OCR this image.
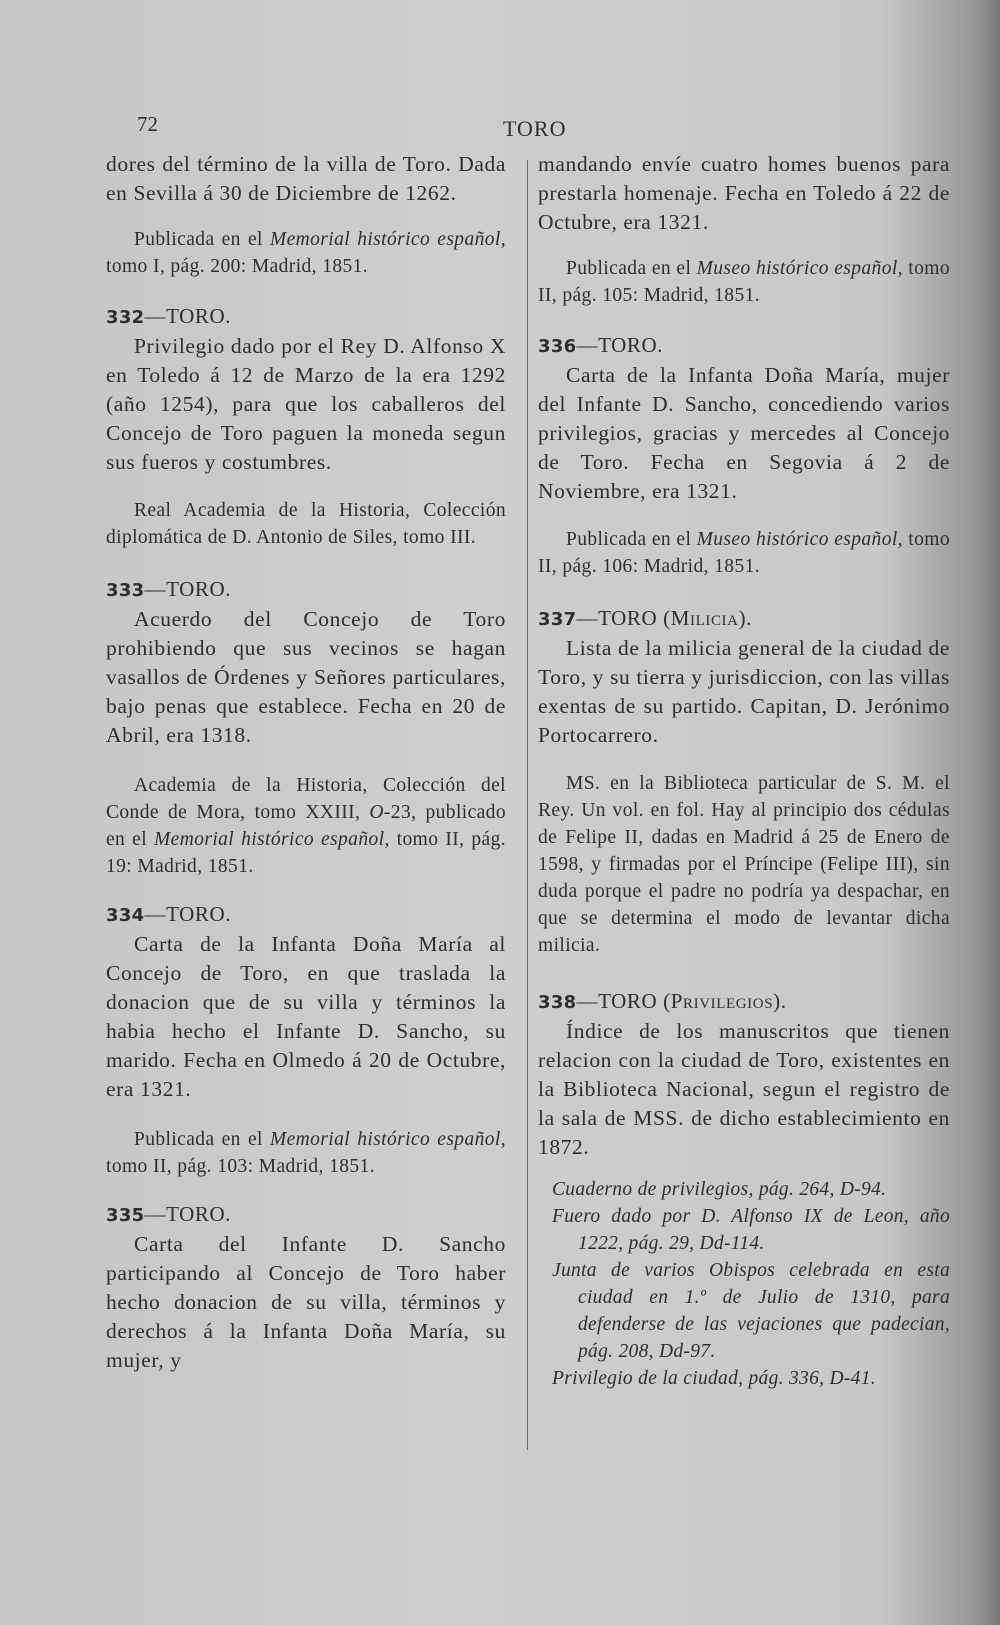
72	TORO

dores del término de la villa de Toro. Dada en Sevilla á 30 de Diciembre de 1262.

Publicada en el Memorial histórico español, tomo I, pág. 200: Madrid, 1851.

332—TORO.

Privilegio dado por el Rey D. Alfonso X en Toledo á 12 de Marzo de la era 1292 (año 1254), para que los caballeros del Concejo de Toro paguen la moneda segun sus fueros y costumbres.

Real Academia de la Historia, Colección diplomática de D. Antonio de Siles, tomo III.

333—TORO.

Acuerdo del Concejo de Toro prohibiendo que sus vecinos se hagan vasallos de Órdenes y Señores particulares, bajo penas que establece. Fecha en 20 de Abril, era 1318.

Academia de la Historia, Colección del Conde de Mora, tomo XXIII, O-23, publicado en el Memorial histórico español, tomo II, pág. 19: Madrid, 1851.

334—TORO.

Carta de la Infanta Doña María al Concejo de Toro, en que traslada la donacion que de su villa y términos la habia hecho el Infante D. Sancho, su marido. Fecha en Olmedo á 20 de Octubre, era 1321.

Publicada en el Memorial histórico español, tomo II, pág. 103: Madrid, 1851.

335—TORO.

Carta del Infante D. Sancho participando al Concejo de Toro haber hecho donacion de su villa, términos y derechos á la Infanta Doña María, su mujer, y

mandando envíe cuatro homes buenos para prestarla homenaje. Fecha en Toledo á 22 de Octubre, era 1321.

Publicada en el Museo histórico español, tomo II, pág. 105: Madrid, 1851.

336—TORO.

Carta de la Infanta Doña María, mujer del Infante D. Sancho, concediendo varios privilegios, gracias y mercedes al Concejo de Toro. Fecha en Segovia á 2 de Noviembre, era 1321.

Publicada en el Museo histórico español, tomo II, pág. 106: Madrid, 1851.

337—TORO (Milicia).

Lista de la milicia general de la ciudad de Toro, y su tierra y jurisdiccion, con las villas exentas de su partido. Capitan, D. Jerónimo Portocarrero.

MS. en la Biblioteca particular de S. M. el Rey. Un vol. en fol. Hay al principio dos cédulas de Felipe II, dadas en Madrid á 25 de Enero de 1598, y firmadas por el Príncipe (Felipe III), sin duda porque el padre no podría ya despachar, en que se determina el modo de levantar dicha milicia.

338—TORO (Privilegios).

Índice de los manuscritos que tienen relacion con la ciudad de Toro, existentes en la Biblioteca Nacional, segun el registro de la sala de MSS. de dicho establecimiento en 1872.

Cuaderno de privilegios, pág. 264, D-94.

Fuero dado por D. Alfonso IX de Leon, año 1222, pág. 29, Dd-114.

Junta de varios Obispos celebrada en esta ciudad en 1.º de Julio de 1310, para defenderse de las vejaciones que padecian, pág. 208, Dd-97.

Privilegio de la ciudad, pág. 336, D-41.
